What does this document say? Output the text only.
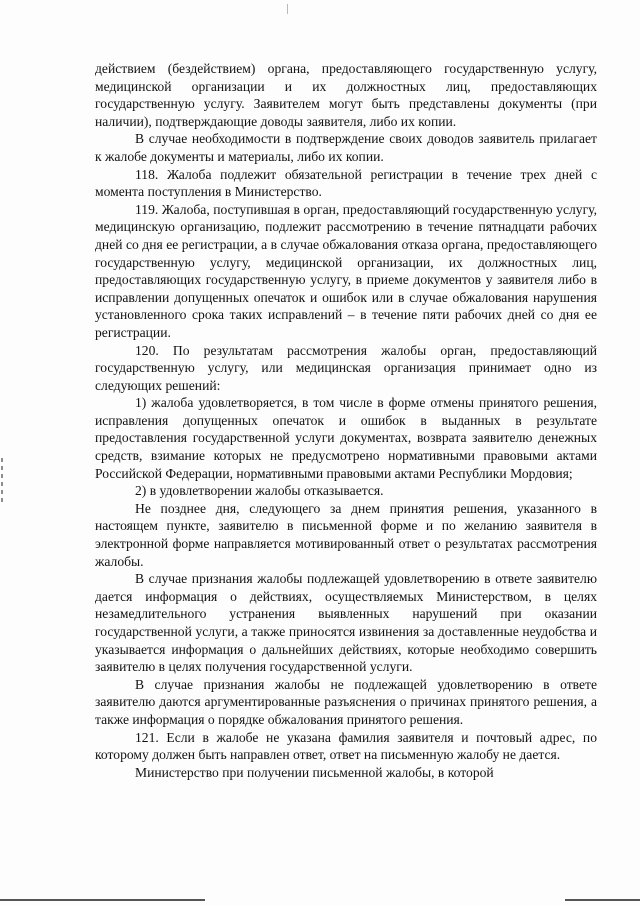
действием (бездействием) органа, предоставляющего государственную услугу, медицинской организации и их должностных лиц, предоставляющих государственную услугу. Заявителем могут быть представлены документы (при наличии), подтверждающие доводы заявителя, либо их копии.

В случае необходимости в подтверждение своих доводов заявитель прилагает к жалобе документы и материалы, либо их копии.

118. Жалоба подлежит обязательной регистрации в течение трех дней с момента поступления в Министерство.

119. Жалоба, поступившая в орган, предоставляющий государственную услугу, медицинскую организацию, подлежит рассмотрению в течение пятнадцати рабочих дней со дня ее регистрации, а в случае обжалования отказа органа, предоставляющего государственную услугу, медицинской организации, их должностных лиц, предоставляющих государственную услугу, в приеме документов у заявителя либо в исправлении допущенных опечаток и ошибок или в случае обжалования нарушения установленного срока таких исправлений – в течение пяти рабочих дней со дня ее регистрации.

120. По результатам рассмотрения жалобы орган, предоставляющий государственную услугу, или медицинская организация принимает одно из следующих решений:

1) жалоба удовлетворяется, в том числе в форме отмены принятого решения, исправления допущенных опечаток и ошибок в выданных в результате предоставления государственной услуги документах, возврата заявителю денежных средств, взимание которых не предусмотрено нормативными правовыми актами Российской Федерации, нормативными правовыми актами Республики Мордовия;

2) в удовлетворении жалобы отказывается.

Не позднее дня, следующего за днем принятия решения, указанного в настоящем пункте, заявителю в письменной форме и по желанию заявителя в электронной форме направляется мотивированный ответ о результатах рассмотрения жалобы.

В случае признания жалобы подлежащей удовлетворению в ответе заявителю дается информация о действиях, осуществляемых Министерством, в целях незамедлительного устранения выявленных нарушений при оказании государственной услуги, а также приносятся извинения за доставленные неудобства и указывается информация о дальнейших действиях, которые необходимо совершить заявителю в целях получения государственной услуги.

В случае признания жалобы не подлежащей удовлетворению в ответе заявителю даются аргументированные разъяснения о причинах принятого решения, а также информация о порядке обжалования принятого решения.

121. Если в жалобе не указана фамилия заявителя и почтовый адрес, по которому должен быть направлен ответ, ответ на письменную жалобу не дается.

Министерство при получении письменной жалобы, в которой
